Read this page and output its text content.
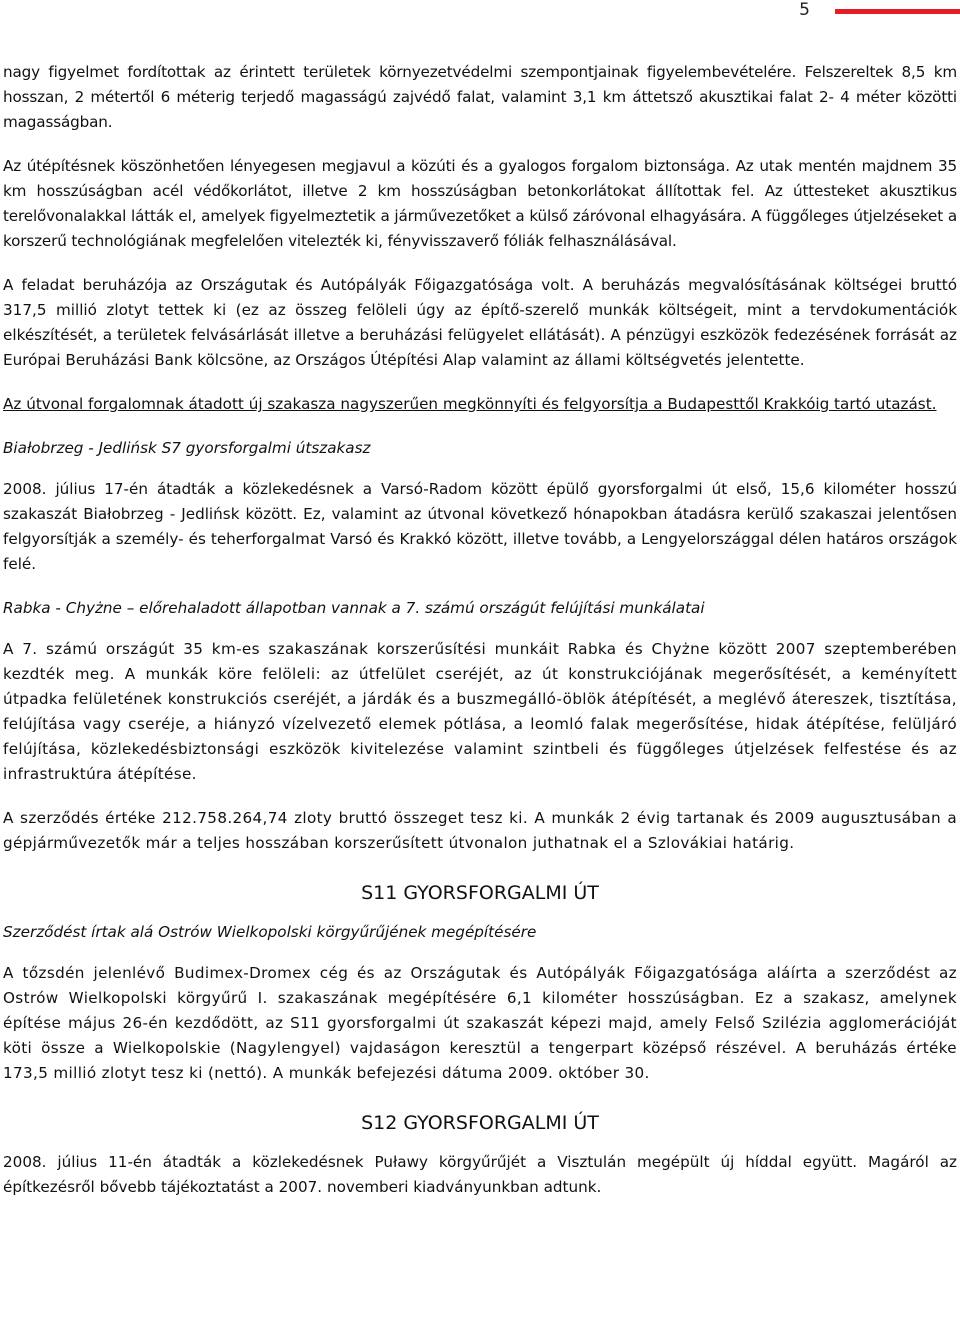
5

nagy figyelmet fordítottak az érintett területek környezetvédelmi szempontjainak figyelembevételére. Felszereltek 8,5 km hosszan, 2 métertől 6 méterig terjedő magasságú zajvédő falat, valamint 3,1 km áttetsző akusztikai falat 2- 4 méter közötti magasságban.

Az útépítésnek köszönhetően lényegesen megjavul a közúti és a gyalogos forgalom biztonsága. Az utak mentén majdnem 35 km hosszúságban acél védőkorlátot, illetve 2 km hosszúságban betonkorlátokat állítottak fel. Az úttesteket akusztikus terelővonalakkal látták el, amelyek figyelmeztetik a járművezetőket a külső záróvonal elhagyására. A függőleges útjelzéseket a korszerű technológiának megfelelően vitelezték ki, fényvisszaverő fóliák felhasználásával.

A feladat beruházója az Országutak és Autópályák Főigazgatósága volt. A beruházás megvalósításának költségei bruttó 317,5 millió zlotyt tettek ki (ez az összeg felöleli úgy az építő-szerelő munkák költségeit, mint a tervdokumentációk elkészítését, a területek felvásárlását illetve a beruházási felügyelet ellátását). A pénzügyi eszközök fedezésének forrását az Európai Beruházási Bank kölcsöne, az Országos Útépítési Alap valamint az állami költségvetés jelentette.

Az útvonal forgalomnak átadott új szakasza nagyszerűen megkönnyíti és felgyorsítja a Budapesttől Krakkóig tartó utazást.

Białobrzeg - Jedlińsk S7 gyorsforgalmi útszakasz

2008. július 17-én átadták a közlekedésnek a Varsó-Radom között épülő gyorsforgalmi út első, 15,6 kilométer hosszú szakaszát Białobrzeg - Jedlińsk között. Ez, valamint az útvonal következő hónapokban átadásra kerülő szakaszai jelentősen felgyorsítják a személy- és teherforgalmat Varsó és Krakkó között, illetve tovább, a Lengyelországgal délen határos országok felé.

Rabka - Chyżne – előrehaladott állapotban vannak a 7. számú országút felújítási munkálatai

A 7. számú országút 35 km-es szakaszának korszerűsítési munkáit Rabka és Chyżne között 2007 szeptemberében kezdték meg. A munkák köre felöleli: az útfelület cseréjét, az út konstrukciójának megerősítését, a keményített útpadka felületének konstrukciós cseréjét, a járdák és a buszmegálló-öblök átépítését, a meglévő átereszek, tisztítása, felújítása vagy cseréje, a hiányzó vízelvezető elemek pótlása, a leomló falak megerősítése, hidak átépítése, felüljáró felújítása, közlekedésbiztonsági eszközök kivitelezése valamint szintbeli és függőleges útjelzések felfestése és az infrastruktúra átépítése.

A szerződés értéke 212.758.264,74 zloty bruttó összeget tesz ki. A munkák 2 évig tartanak és 2009 augusztusában a gépjárművezetők már a teljes hosszában korszerűsített útvonalon juthatnak el a Szlovákiai határig.

S11 GYORSFORGALMI ÚT

Szerződést írtak alá Ostrów Wielkopolski körgyűrűjének megépítésére

A tőzsdén jelenlévő Budimex-Dromex cég és az Országutak és Autópályák Főigazgatósága aláírta a szerződést az Ostrów Wielkopolski körgyűrű I. szakaszának megépítésére 6,1 kilométer hosszúságban. Ez a szakasz, amelynek építése május 26-én kezdődött, az S11 gyorsforgalmi út szakaszát képezi majd, amely Felső Szilézia agglomerációját köti össze a Wielkopolskie (Nagylengyel) vajdaságon keresztül a tengerpart középső részével. A beruházás értéke 173,5 millió zlotyt tesz ki (nettó). A munkák befejezési dátuma 2009. október 30.

S12 GYORSFORGALMI ÚT

2008. július 11-én átadták a közlekedésnek Puławy körgyűrűjét a Visztulán megépült új híddal együtt. Magáról az építkezésről bővebb tájékoztatást a 2007. novemberi kiadványunkban adtunk.
